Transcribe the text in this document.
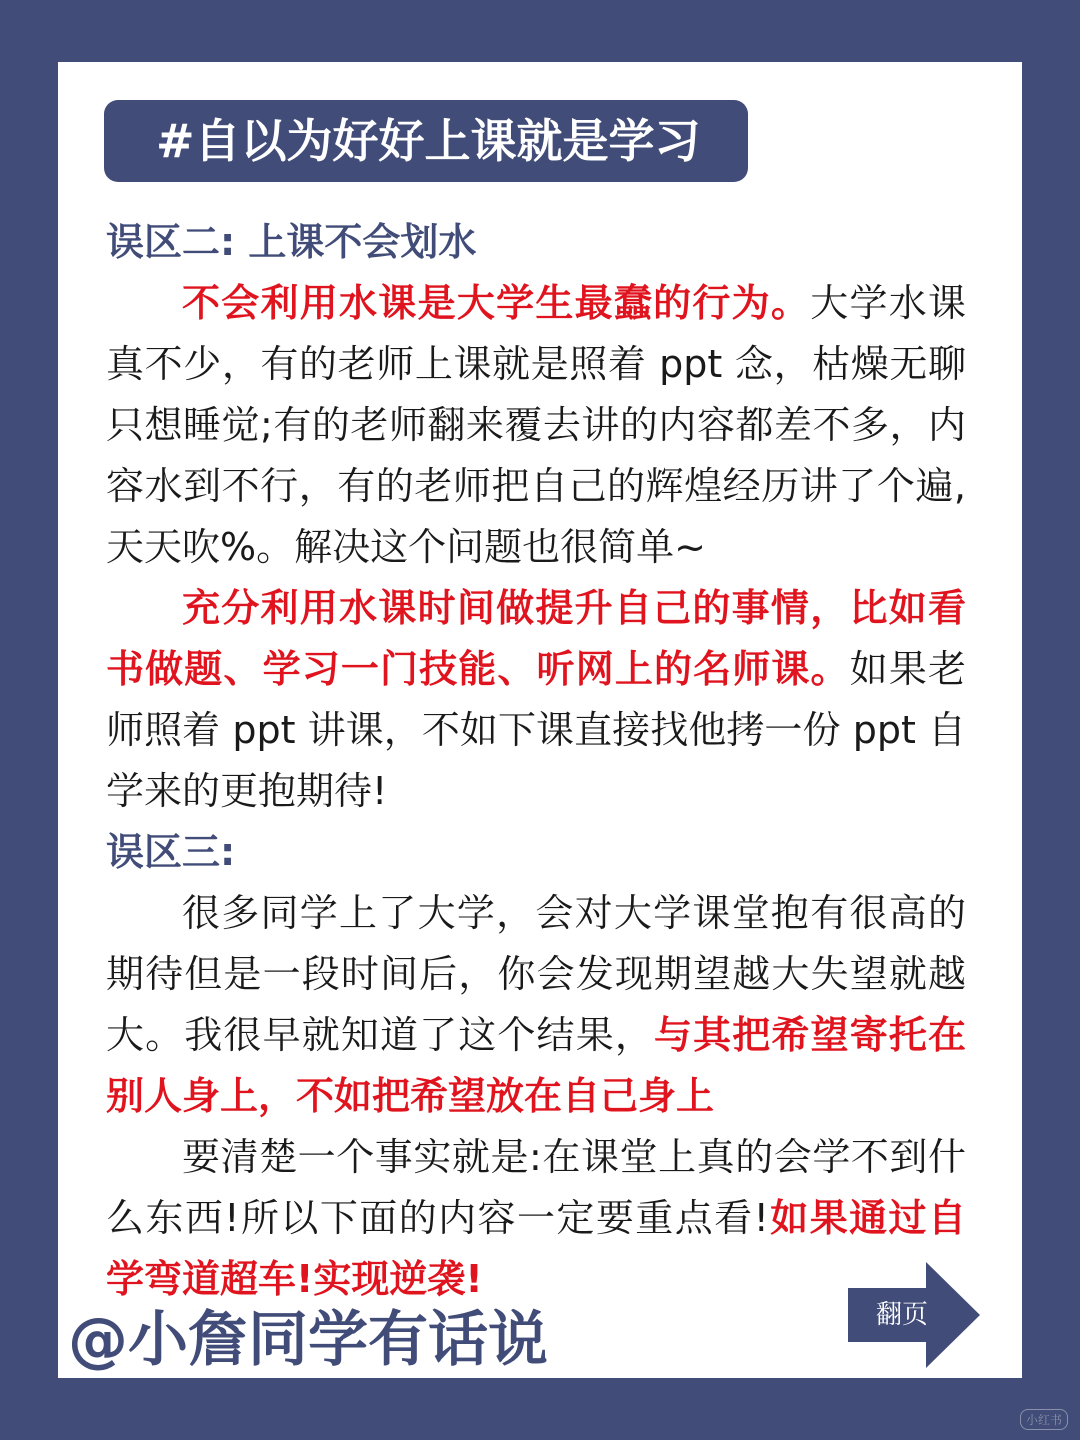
#自以为好好上课就是学习

误区二: 上课不会划水

不会利用水课是大学生最蠢的行为。大学水课真不少，有的老师上课就是照着 ppt 念，枯燥无聊只想睡觉;有的老师翻来覆去讲的内容都差不多，内容水到不行，有的老师把自己的辉煌经历讲了个遍,天天吹%。解决这个问题也很简单~

充分利用水课时间做提升自己的事情，比如看书做题、学习一门技能、听网上的名师课。如果老师照着 ppt 讲课，不如下课直接找他拷一份 ppt 自学来的更抱期待!

误区三:

很多同学上了大学，会对大学课堂抱有很高的期待但是一段时间后，你会发现期望越大失望就越大。我很早就知道了这个结果，与其把希望寄托在别人身上，不如把希望放在自己身上

要清楚一个事实就是:在课堂上真的会学不到什么东西!所以下面的内容一定要重点看!如果通过自学弯道超车!实现逆袭!

@小詹同学有话说	翻页
小红书
